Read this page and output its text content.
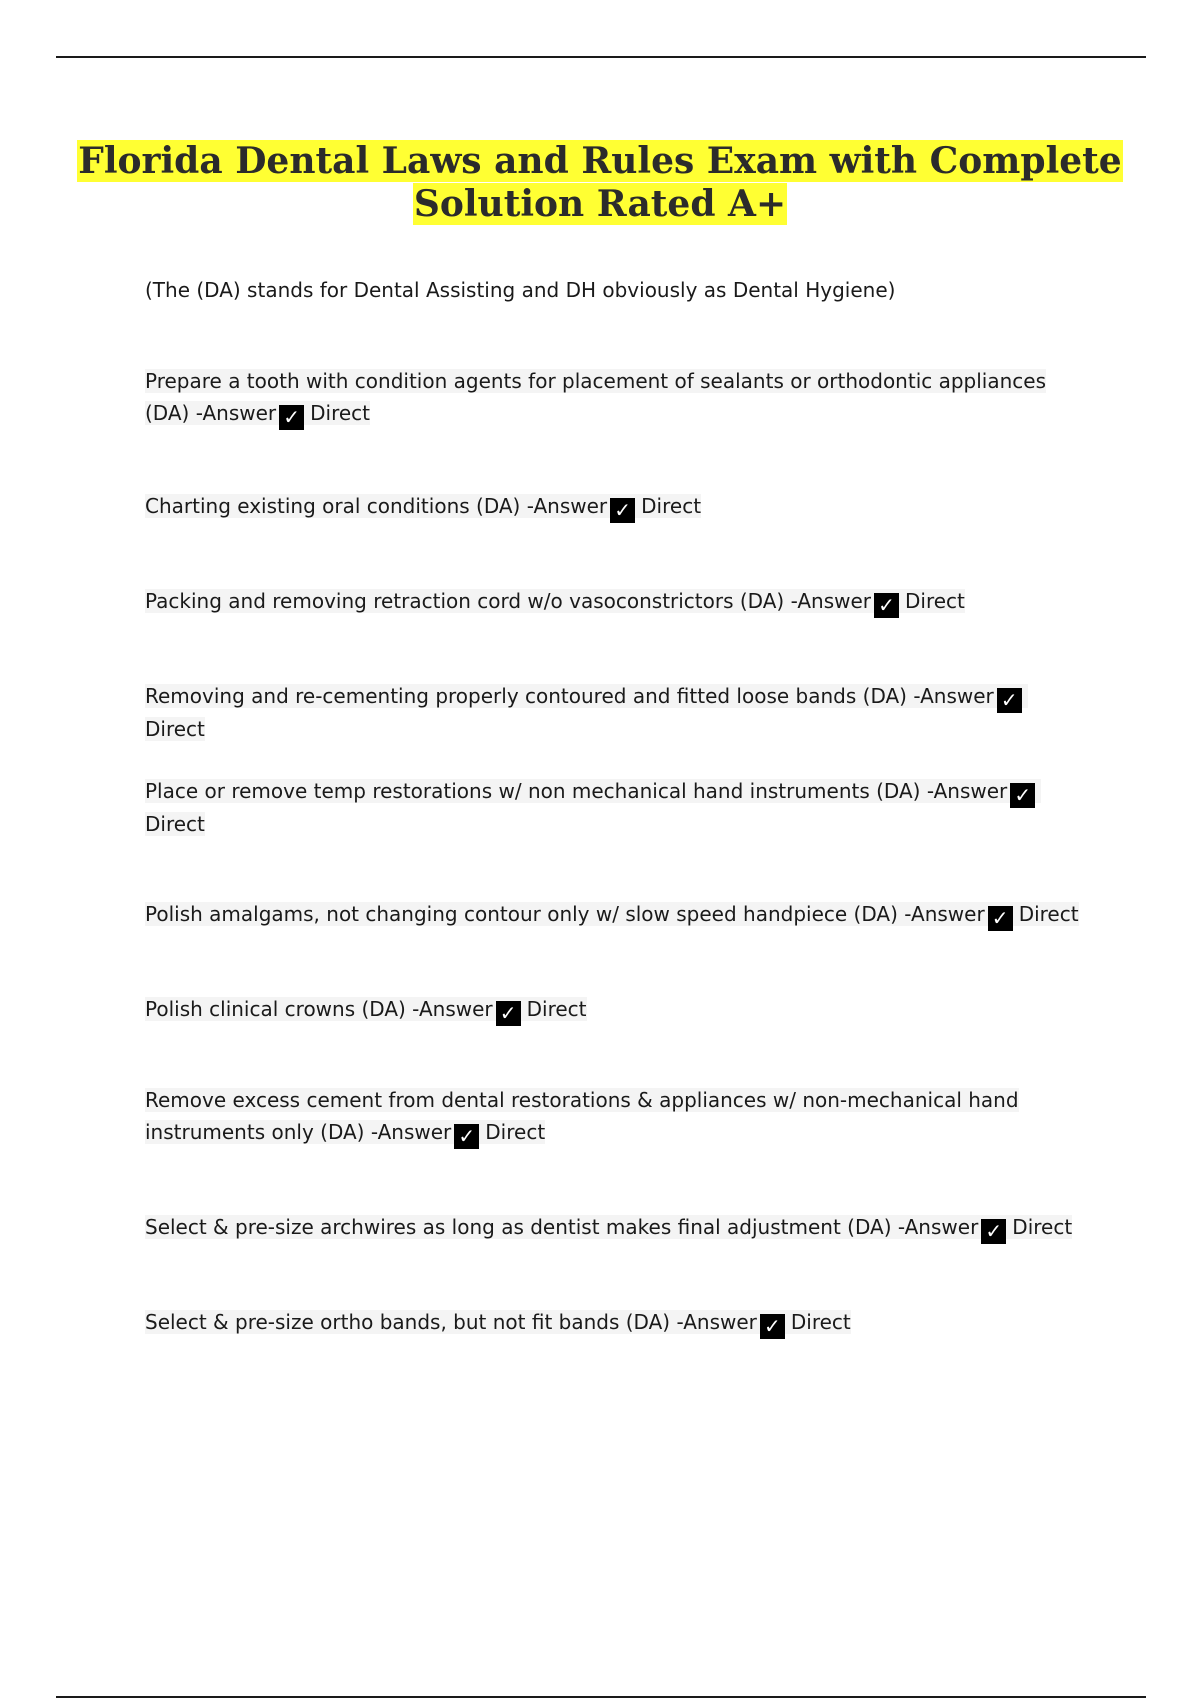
Florida Dental Laws and Rules Exam with Complete
Solution Rated A+
(The (DA) stands for Dental Assisting and DH obviously as Dental Hygiene)
Prepare a tooth with condition agents for placement of sealants or orthodontic appliances (DA) -Answer ✓ Direct
Charting existing oral conditions (DA) -Answer ✓ Direct
Packing and removing retraction cord w/o vasoconstrictors (DA) -Answer ✓ Direct
Removing and re-cementing properly contoured and fitted loose bands (DA) -Answer ✓Direct
Place or remove temp restorations w/ non mechanical hand instruments (DA) -Answer ✓Direct
Polish amalgams, not changing contour only w/ slow speed handpiece (DA) -Answer ✓ Direct
Polish clinical crowns (DA) -Answer ✓ Direct
Remove excess cement from dental restorations & appliances w/ non-mechanical hand instruments only (DA) -Answer ✓ Direct
Select & pre-size archwires as long as dentist makes final adjustment (DA) -Answer ✓ Direct
Select & pre-size ortho bands, but not fit bands (DA) -Answer ✓ Direct
